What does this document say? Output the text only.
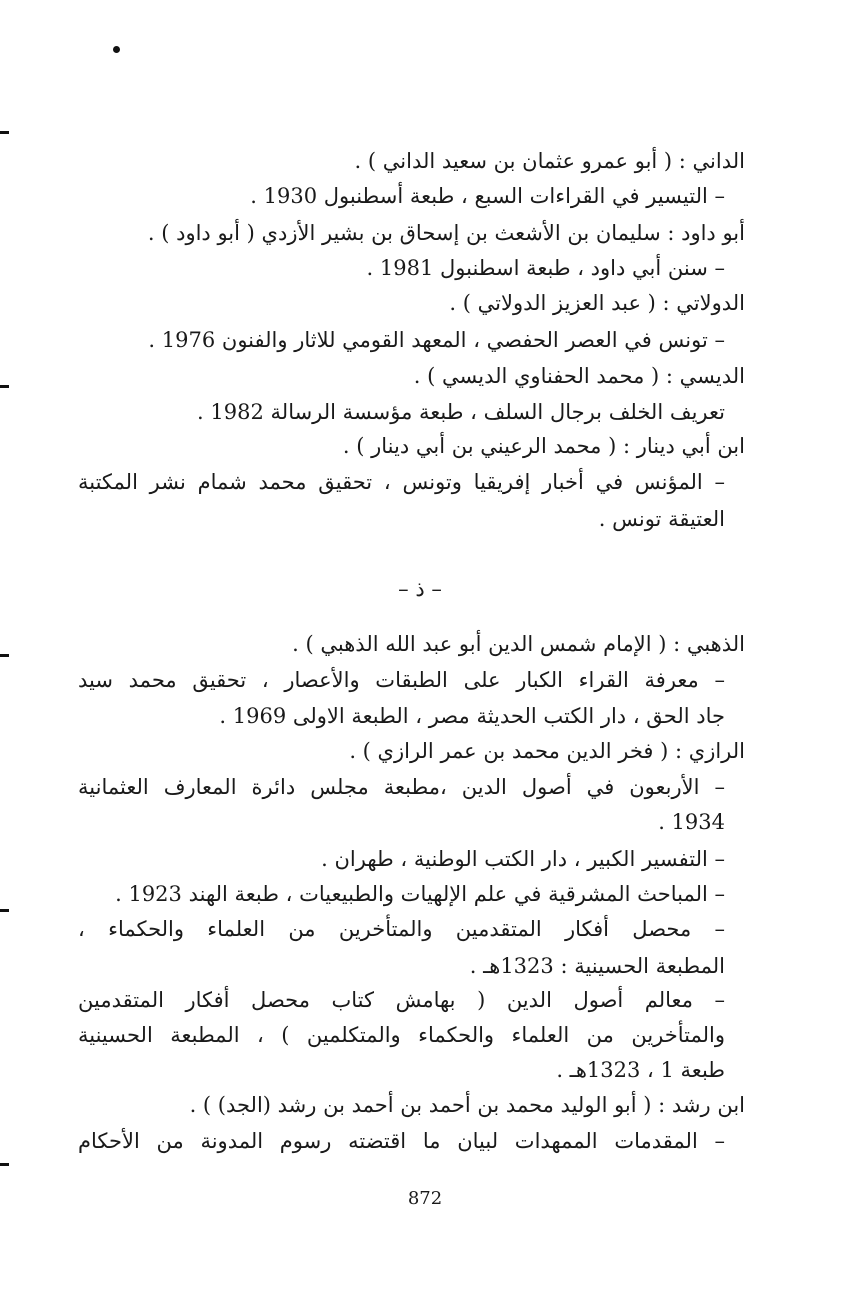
الداني : ( أبو عمرو عثمان بن سعيد الداني ) .
– التيسير في القراءات السبع ، طبعة أسطنبول 1930 .
أبو داود : سليمان بن الأشعث بن إسحاق بن بشير الأزدي ( أبو داود ) .
– سنن أبي داود ، طبعة اسطنبول 1981 .
الدولاتي : ( عبد العزيز الدولاتي ) .
– تونس في العصر الحفصي ، المعهد القومي للاثار والفنون 1976 .
الديسي : ( محمد الحفناوي الديسي ) .
تعريف الخلف برجال السلف ، طبعة مؤسسة الرسالة 1982 .
ابن أبي دينار : ( محمد الرعيني بن أبي دينار ) .
– المؤنس في أخبار إفريقيا وتونس ، تحقيق محمد شمام نشر المكتبة
العتيقة تونس .
– ذ –
الذهبي : ( الإمام شمس الدين أبو عبد الله الذهبي ) .
– معرفة القراء الكبار على الطبقات والأعصار ، تحقيق محمد سيد
جاد الحق ، دار الكتب الحديثة مصر ، الطبعة الاولى 1969 .
الرازي : ( فخر الدين محمد بن عمر الرازي ) .
– الأربعون في أصول الدين ،مطبعة مجلس دائرة المعارف العثمانية
1934 .
– التفسير الكبير ، دار الكتب الوطنية ، طهران .
– المباحث المشرقية في علم الإلهيات والطبيعيات ، طبعة الهند 1923 .
– محصل أفكار المتقدمين والمتأخرين من العلماء والحكماء ،
المطبعة الحسينية : 1323هـ .
– معالم أصول الدين ( بهامش كتاب محصل أفكار المتقدمين
والمتأخرين من العلماء والحكماء والمتكلمين ) ، المطبعة الحسينية
طبعة 1 ، 1323هـ .
ابن رشد : ( أبو الوليد محمد بن أحمد بن أحمد بن رشد (الجد) ) .
– المقدمات الممهدات لبيان ما اقتضته رسوم المدونة من الأحكام
872
